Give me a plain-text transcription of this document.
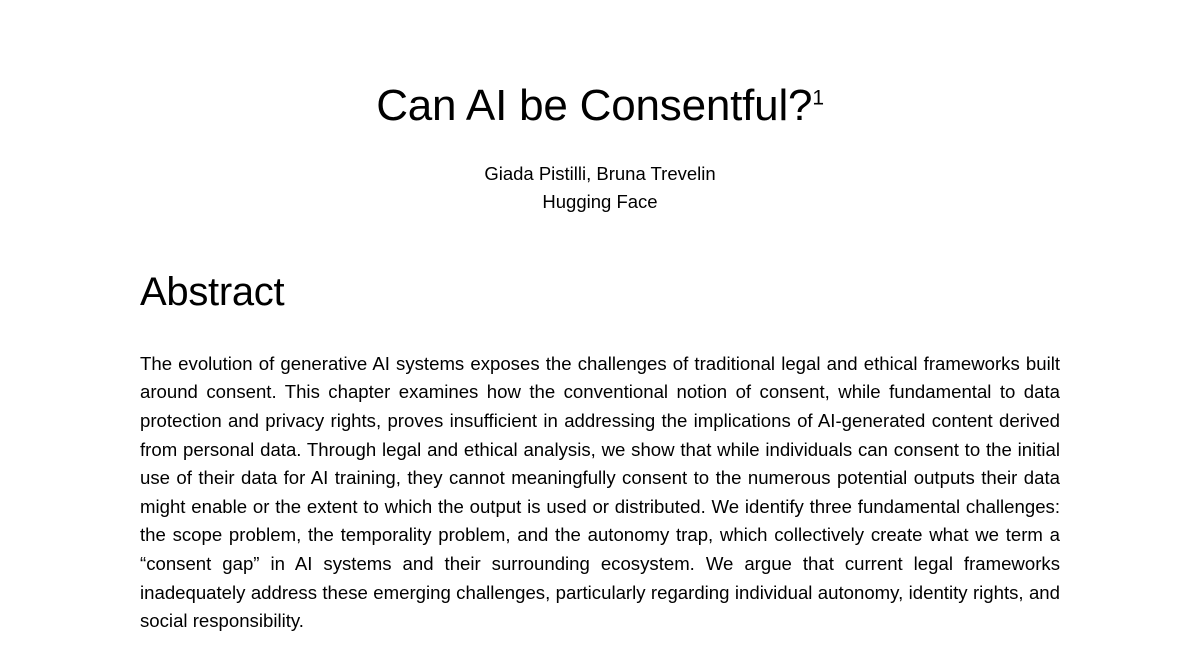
Can AI be Consentful?$^1$

Giada Pistilli, Bruna Trevelin

Hugging Face

Abstract

The evolution of generative AI systems exposes the challenges of traditional legal and ethical frameworks built around consent. This chapter examines how the conventional notion of consent, while fundamental to data protection and privacy rights, proves insufficient in addressing the implications of AI-generated content derived from personal data. Through legal and ethical analysis, we show that while individuals can consent to the initial use of their data for AI training, they cannot meaningfully consent to the numerous potential outputs their data might enable or the extent to which the output is used or distributed. We identify three fundamental challenges: the scope problem, the temporality problem, and the autonomy trap, which collectively create what we term a “consent gap” in AI systems and their surrounding ecosystem. We argue that current legal frameworks inadequately address these emerging challenges, particularly regarding individual autonomy, identity rights, and social responsibility.
